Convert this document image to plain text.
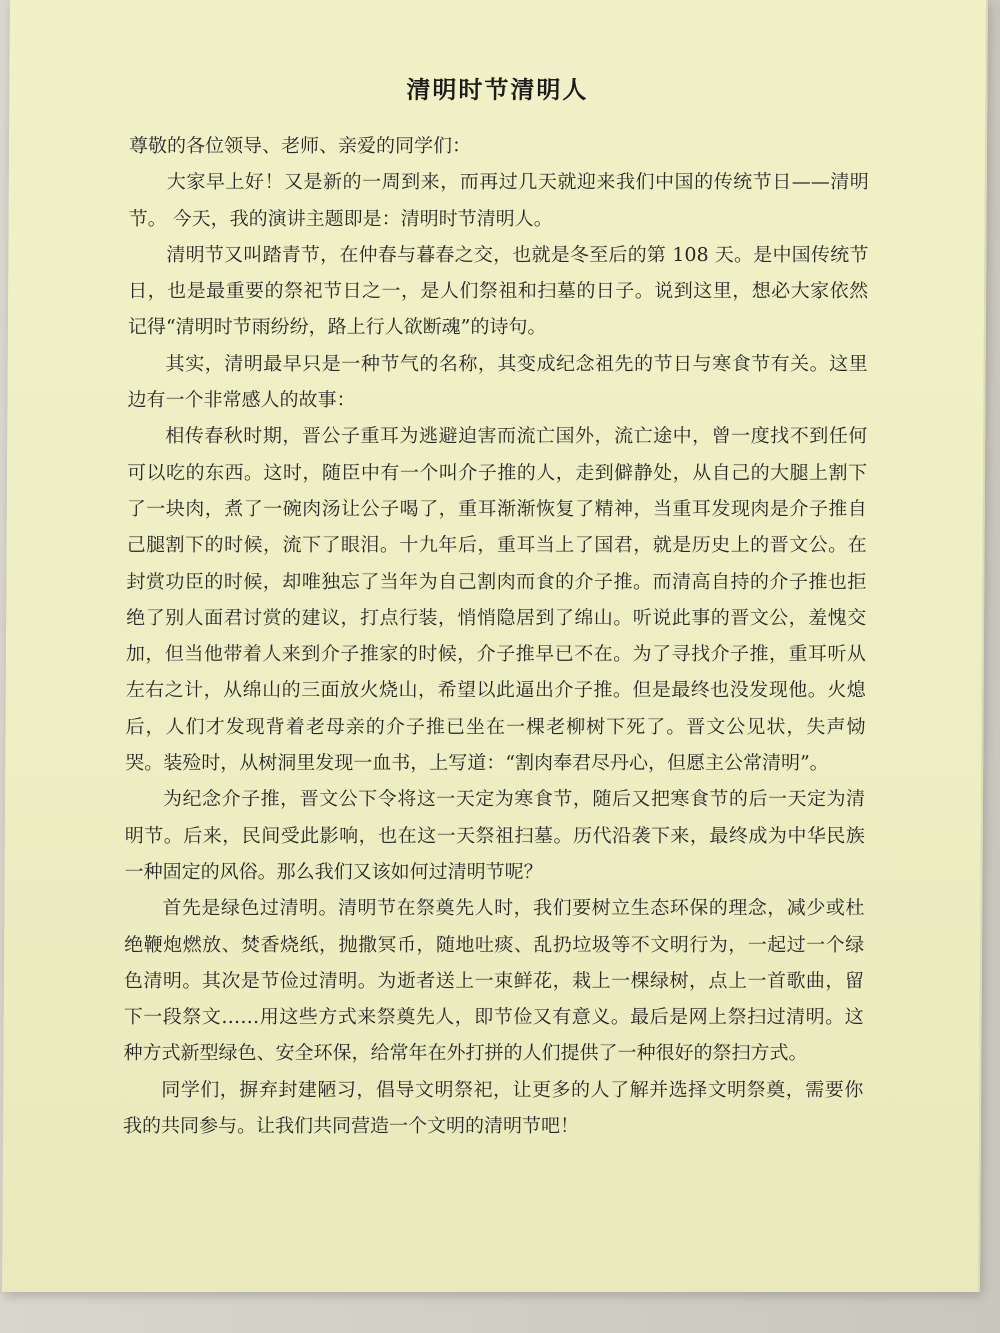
清明时节清明人

尊敬的各位领导、老师、亲爱的同学们：

大家早上好！又是新的一周到来，而再过几天就迎来我们中国的传统节日——清明节。 今天，我的演讲主题即是：清明时节清明人。

清明节又叫踏青节，在仲春与暮春之交，也就是冬至后的第 108 天。是中国传统节日，也是最重要的祭祀节日之一，是人们祭祖和扫墓的日子。说到这里，想必大家依然记得“清明时节雨纷纷，路上行人欲断魂”的诗句。

其实，清明最早只是一种节气的名称，其变成纪念祖先的节日与寒食节有关。这里边有一个非常感人的故事：

相传春秋时期，晋公子重耳为逃避迫害而流亡国外，流亡途中，曾一度找不到任何可以吃的东西。这时，随臣中有一个叫介子推的人，走到僻静处，从自己的大腿上割下了一块肉，煮了一碗肉汤让公子喝了，重耳渐渐恢复了精神，当重耳发现肉是介子推自己腿割下的时候，流下了眼泪。十九年后，重耳当上了国君，就是历史上的晋文公。在封赏功臣的时候，却唯独忘了当年为自己割肉而食的介子推。而清高自持的介子推也拒绝了别人面君讨赏的建议，打点行装，悄悄隐居到了绵山。听说此事的晋文公，羞愧交加，但当他带着人来到介子推家的时候，介子推早已不在。为了寻找介子推，重耳听从左右之计，从绵山的三面放火烧山，希望以此逼出介子推。但是最终也没发现他。火熄后，人们才发现背着老母亲的介子推已坐在一棵老柳树下死了。晋文公见状，失声恸哭。装殓时，从树洞里发现一血书，上写道：“割肉奉君尽丹心，但愿主公常清明”。

为纪念介子推，晋文公下令将这一天定为寒食节，随后又把寒食节的后一天定为清明节。后来，民间受此影响，也在这一天祭祖扫墓。历代沿袭下来，最终成为中华民族一种固定的风俗。那么我们又该如何过清明节呢？

首先是绿色过清明。清明节在祭奠先人时，我们要树立生态环保的理念，减少或杜绝鞭炮燃放、焚香烧纸，抛撒冥币，随地吐痰、乱扔垃圾等不文明行为，一起过一个绿色清明。其次是节俭过清明。为逝者送上一束鲜花，栽上一棵绿树，点上一首歌曲，留下一段祭文……用这些方式来祭奠先人，即节俭又有意义。最后是网上祭扫过清明。这种方式新型绿色、安全环保，给常年在外打拼的人们提供了一种很好的祭扫方式。

同学们，摒弃封建陋习，倡导文明祭祀，让更多的人了解并选择文明祭奠，需要你我的共同参与。让我们共同营造一个文明的清明节吧！
